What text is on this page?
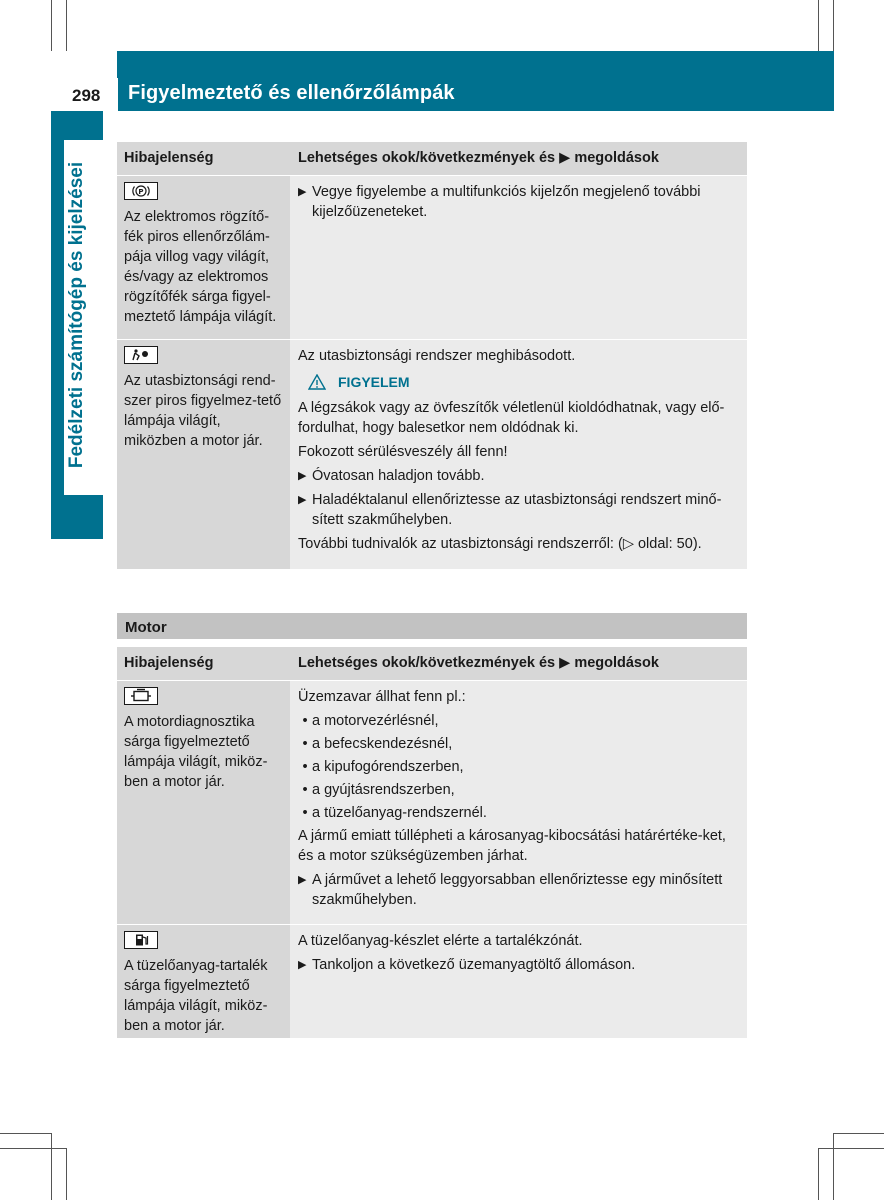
298 Figyelmeztető és ellenőrzőlámpák
Fedélzeti számítógép és kijelzései
Hibajelenség	Lehetséges okok/következmények és ▶ megoldások
P
Az elektromos rögzítő-fék piros ellenőrzőlám-pája villog vagy világít, és/vagy az elektromos rögzítőfék sárga figyel-meztető lámpája világít.
▶ Vegye figyelembe a multifunkciós kijelzőn megjelenő további kijelzőüzeneteket.
Az utasbiztonsági rend-szer piros figyelmez-tető lámpája világít, miközben a motor jár.
Az utasbiztonsági rendszer meghibásodott.
FIGYELEM
A légzsákok vagy az övfeszítők véletlenül kioldódhatnak, vagy elő-fordulhat, hogy balesetkor nem oldódnak ki.
Fokozott sérülésveszély áll fenn!
▶ Óvatosan haladjon tovább.
▶ Haladéktalanul ellenőriztesse az utasbiztonsági rendszert minő-sített szakműhelyben.
További tudnivalók az utasbiztonsági rendszerről: (▷ oldal: 50).
Motor
Hibajelenség	Lehetséges okok/következmények és ▶ megoldások
A motordiagnosztika sárga figyelmeztető lámpája világít, miköz-ben a motor jár.
Üzemzavar állhat fenn pl.:
• a motorvezérlésnél,
• a befecskendezésnél,
• a kipufogórendszerben,
• a gyújtásrendszerben,
• a tüzelőanyag-rendszernél.
A jármű emiatt túllépheti a károsanyag-kibocsátási határértéke-ket, és a motor szükségüzemben járhat.
▶ A járművet a lehető leggyorsabban ellenőriztesse egy minősített szakműhelyben.
A tüzelőanyag-tartalék sárga figyelmeztető lámpája világít, miköz-ben a motor jár.
A tüzelőanyag-készlet elérte a tartalékzónát.
▶ Tankoljon a következő üzemanyagtöltő állomáson.
